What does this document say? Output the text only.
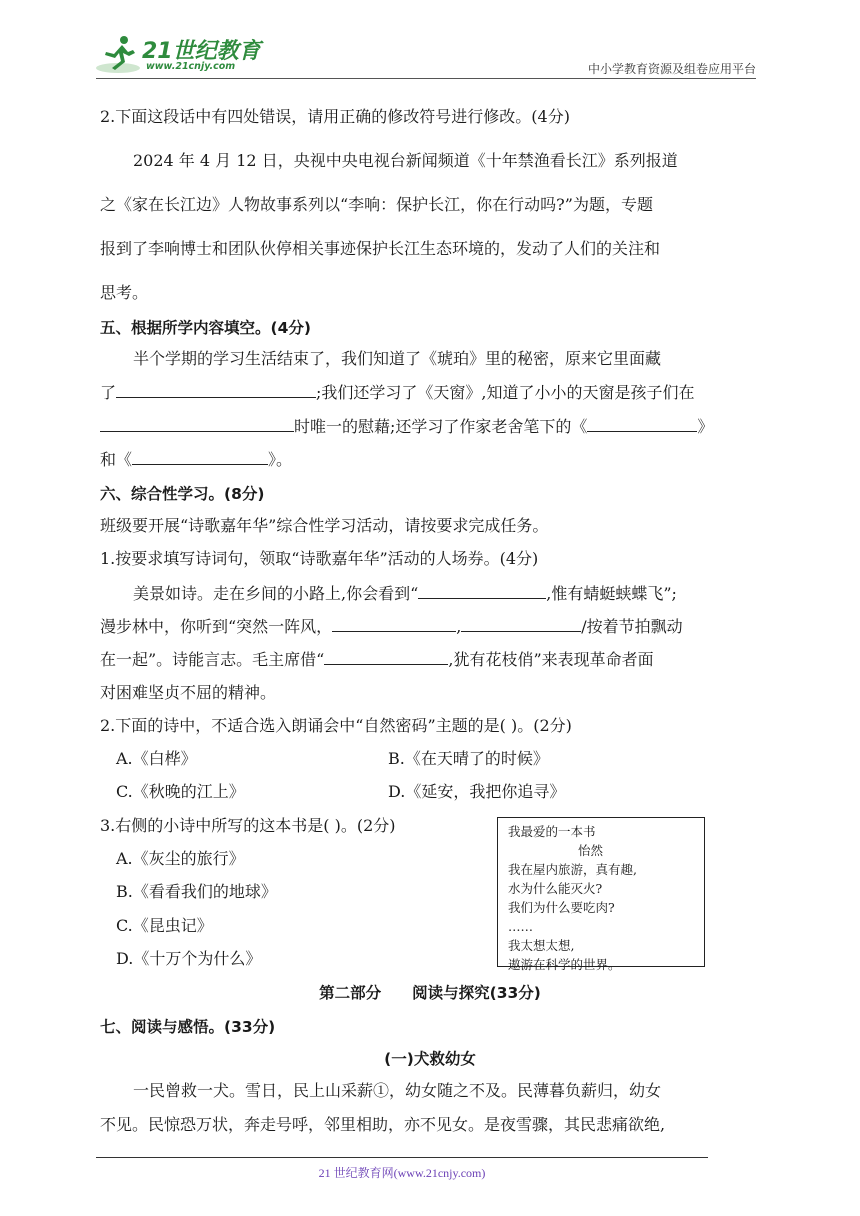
21世纪教育
www.21cnjy.com	中小学教育资源及组卷应用平台
2.下面这段话中有四处错误，请用正确的修改符号进行修改。(4分)
2024 年 4 月 12 日，央视中央电视台新闻频道《十年禁渔看长江》系列报道
之《家在长江边》人物故事系列以“李响：保护长江，你在行动吗?”为题，专题
报到了李响博士和团队伙停相关事迹保护长江生态环境的，发动了人们的关注和
思考。
五、根据所学内容填空。(4分)
半个学期的学习生活结束了，我们知道了《琥珀》里的秘密，原来它里面藏
了	;我们还学习了《天窗》,知道了小小的天窗是孩子们在
时唯一的慰藉;还学习了作家老舍笔下的《	》
和《	》。
六、综合性学习。(8分)
班级要开展“诗歌嘉年华”综合性学习活动，请按要求完成任务。
1.按要求填写诗词句，领取“诗歌嘉年华”活动的人场券。(4分)
美景如诗。走在乡间的小路上,你会看到“	,惟有蜻蜓蛱蝶飞”;
漫步林中，你听到“突然一阵风，	,	/按着节拍飘动
在一起”。诗能言志。毛主席借“	,犹有花枝俏”来表现革命者面
对困难坚贞不屈的精神。
2.下面的诗中，不适合选入朗诵会中“自然密码”主题的是( )。(2分)
A.《白桦》	B.《在天晴了的时候》
C.《秋晚的江上》	D.《延安，我把你追寻》
3.右侧的小诗中所写的这本书是( )。(2分)
A.《灰尘的旅行》
B.《看看我们的地球》
C.《昆虫记》
D.《十万个为什么》
七、阅读与感悟。(33分)
一民曾救一犬。雪日，民上山采薪①，幼女随之不及。民薄暮负薪归，幼女
不见。民惊恐万状，奔走号呼，邻里相助，亦不见女。是夜雪骤，其民悲痛欲绝,
我最爱的一本书
怡然
我在屋内旅游，真有趣,
水为什么能灭火?
我们为什么要吃肉?
……
我太想太想,
遨游在科学的世界。
第二部分　　阅读与探究(33分)
(一)犬救幼女
21 世纪教育网(www.21cnjy.com)
